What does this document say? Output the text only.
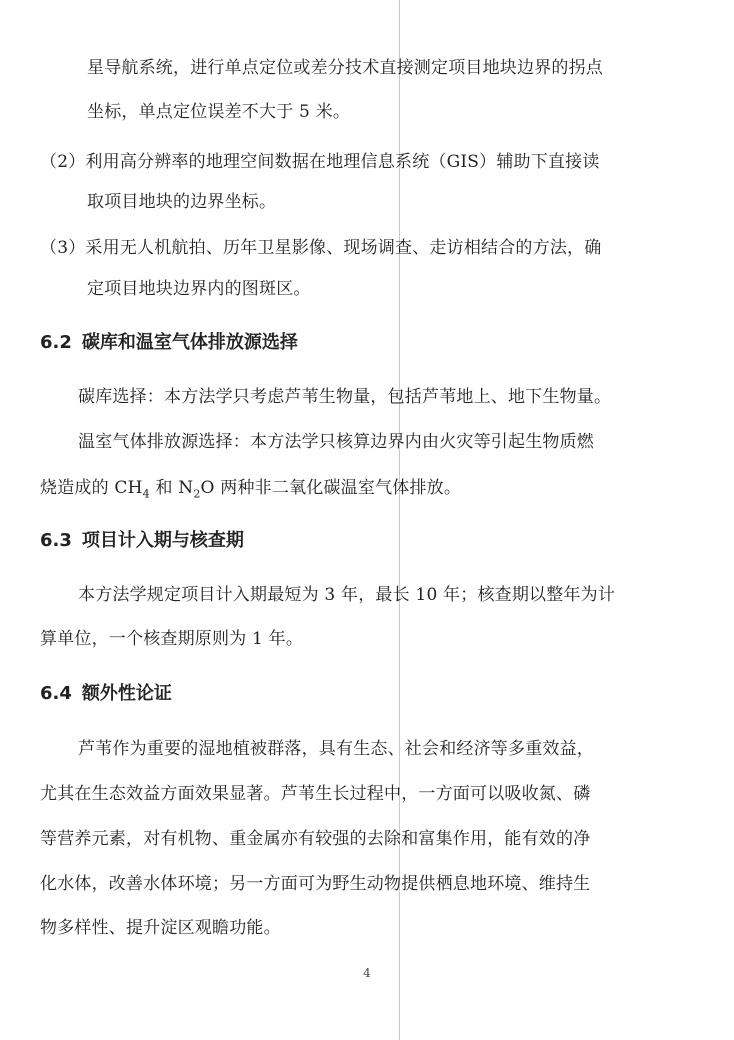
星导航系统，进行单点定位或差分技术直接测定项目地块边界的拐点
坐标，单点定位误差不大于 5 米。
（2）利用高分辨率的地理空间数据在地理信息系统（GIS）辅助下直接读
取项目地块的边界坐标。
（3）采用无人机航拍、历年卫星影像、现场调查、走访相结合的方法，确
定项目地块边界内的图斑区。
6.2 碳库和温室气体排放源选择
碳库选择：本方法学只考虑芦苇生物量，包括芦苇地上、地下生物量。
温室气体排放源选择：本方法学只核算边界内由火灾等引起生物质燃
烧造成的 $CH_4$ 和 $N_2O$ 两种非二氧化碳温室气体排放。
6.3 项目计入期与核查期
本方法学规定项目计入期最短为 3 年，最长 10 年；核查期以整年为计
算单位，一个核查期原则为 1 年。
6.4 额外性论证
芦苇作为重要的湿地植被群落，具有生态、社会和经济等多重效益，
尤其在生态效益方面效果显著。芦苇生长过程中，一方面可以吸收氮、磷
等营养元素，对有机物、重金属亦有较强的去除和富集作用，能有效的净
化水体，改善水体环境；另一方面可为野生动物提供栖息地环境、维持生
物多样性、提升淀区观瞻功能。
4
